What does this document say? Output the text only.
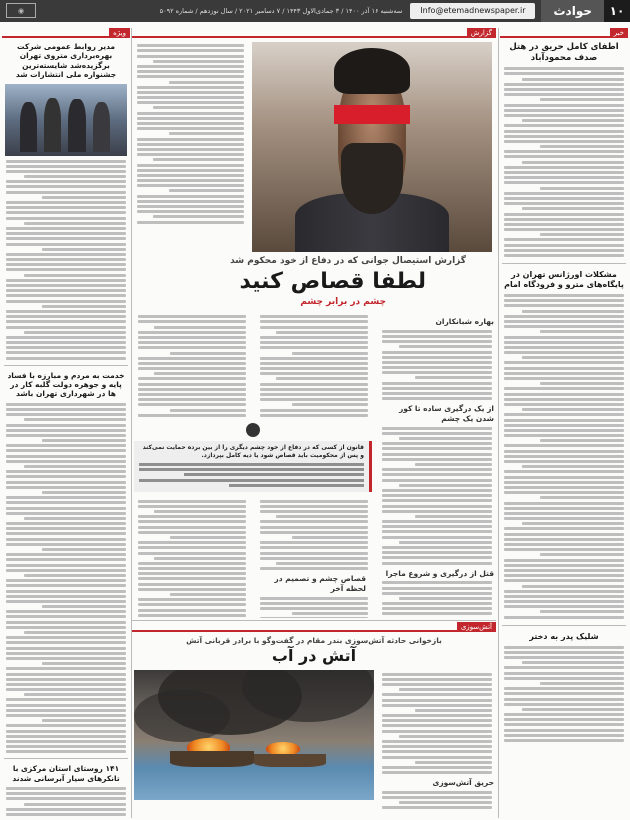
۱۰
حوادث
Info@etemadnewspaper.ir
سه‌شنبه ۱۶ آذر ۱۴۰۰ / ۳ جمادی‌الاول ۱۴۴۳ / ۷ دسامبر ۲۰۲۱ / سال نوزدهم / شماره ۵۰۹۲
◉
خبر
اطفای کامل حریق در هتل صدف محمودآباد
مشکلات اورژانس تهران در پایگاه‌های مترو و فرودگاه امام
شلیک پدر به دختر
گزارش
گزارش استیصال جوانی که در دفاع از خود محکوم شد
لطفا قصاص کنید
چشم در برابر چشم
بهاره شبانکاران
از یک درگیری ساده تا کور شدن یک چشم
قتل از درگیری و شروع ماجرا
قانون از کسی که در دفاع از خود چشم دیگری را از بین برده حمایت نمی‌کند و پس از محکومیت باید قصاص شود یا دیه کامل بپردازد.
قصاص چشم و تصمیم در لحظه آخر
آتش‌سوزی
بازخوانی حادثه آتش‌سوزی بندر مقام در گفت‌وگو با برادر قربانی آتش
آتش در آب
حریق آتش‌سوزی
ویژه
مدیر روابط عمومی شرکت بهره‌برداری متروی تهران برگزیده‌شد شایسته‌ترین جشنواره ملی انتشارات شد
خدمت به مردم و مبارزه با فساد پایه و جوهره دولت گلبه کار در ها در شهرداری تهران باشد
۱۴۱ روستای استان مرکزی با تانکرهای سیار آبرسانی شدند
